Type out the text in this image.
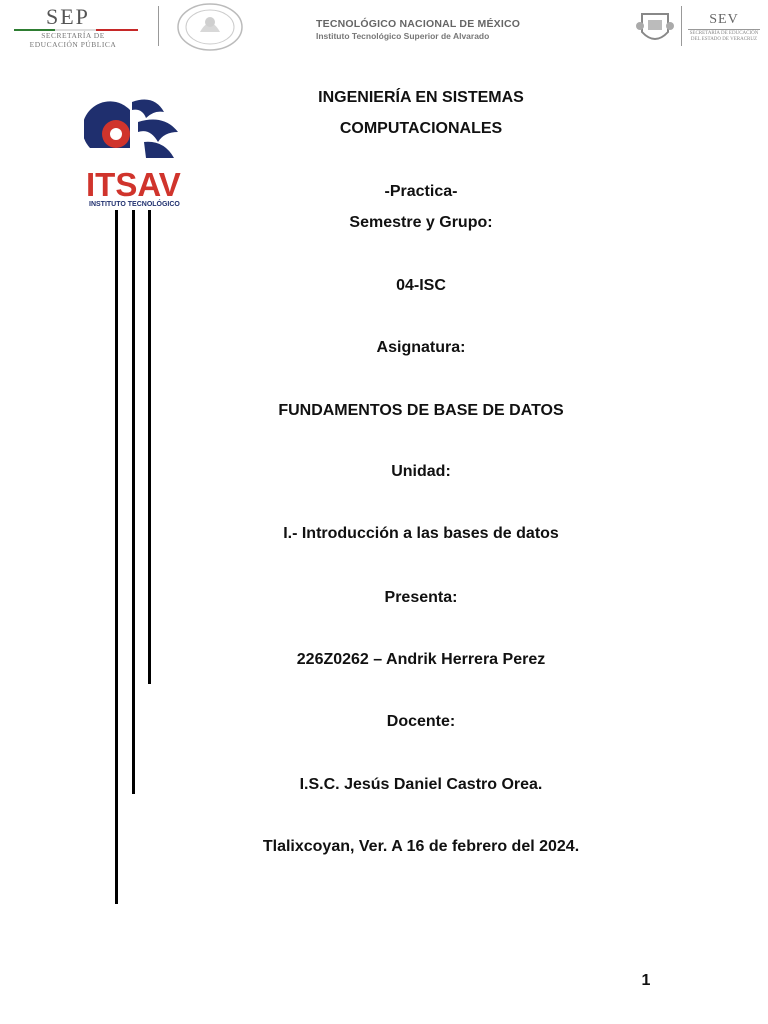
SEP
SECRETARÍA DE
EDUCACIÓN PÚBLICA
TECNOLÓGICO NACIONAL DE MÉXICO
Instituto Tecnológico Superior de Alvarado
SEV
SECRETARÍA DE EDUCACIÓN
DEL ESTADO DE VERACRUZ
ITSAV
INSTITUTO TECNOLÓGICO
INGENIERÍA EN SISTEMAS
COMPUTACIONALES
-Practica-
Semestre y Grupo:
04-ISC
Asignatura:
FUNDAMENTOS DE BASE DE DATOS
Unidad:
I.- Introducción a las bases de datos
Presenta:
226Z0262 – Andrik Herrera Perez
Docente:
I.S.C. Jesús Daniel Castro Orea.
Tlalixcoyan, Ver. A 16 de febrero del 2024.
1
